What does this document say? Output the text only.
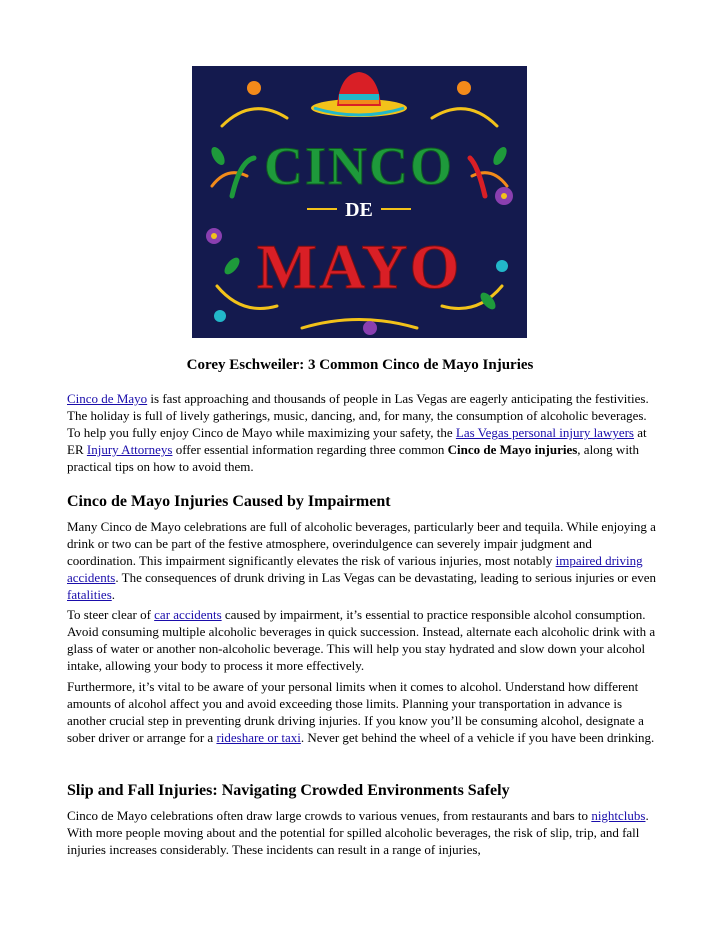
CINCO
DE
MAYO
Corey Eschweiler: 3 Common Cinco de Mayo Injuries

Cinco de Mayo is fast approaching and thousands of people in Las Vegas are eagerly anticipating the festivities. The holiday is full of lively gatherings, music, dancing, and, for many, the consumption of alcoholic beverages. To help you fully enjoy Cinco de Mayo while maximizing your safety, the Las Vegas personal injury lawyers at ER Injury Attorneys offer essential information regarding three common Cinco de Mayo injuries, along with practical tips on how to avoid them.

Cinco de Mayo Injuries Caused by Impairment

Many Cinco de Mayo celebrations are full of alcoholic beverages, particularly beer and tequila. While enjoying a drink or two can be part of the festive atmosphere, overindulgence can severely impair judgment and coordination. This impairment significantly elevates the risk of various injuries, most notably impaired driving accidents. The consequences of drunk driving in Las Vegas can be devastating, leading to serious injuries or even fatalities.

To steer clear of car accidents caused by impairment, it’s essential to practice responsible alcohol consumption. Avoid consuming multiple alcoholic beverages in quick succession. Instead, alternate each alcoholic drink with a glass of water or another non-alcoholic beverage. This will help you stay hydrated and slow down your alcohol intake, allowing your body to process it more effectively.

Furthermore, it’s vital to be aware of your personal limits when it comes to alcohol. Understand how different amounts of alcohol affect you and avoid exceeding those limits. Planning your transportation in advance is another crucial step in preventing drunk driving injuries. If you know you’ll be consuming alcohol, designate a sober driver or arrange for a rideshare or taxi. Never get behind the wheel of a vehicle if you have been drinking.

Slip and Fall Injuries: Navigating Crowded Environments Safely

Cinco de Mayo celebrations often draw large crowds to various venues, from restaurants and bars to nightclubs. With more people moving about and the potential for spilled alcoholic beverages, the risk of slip, trip, and fall injuries increases considerably. These incidents can result in a range of injuries,
